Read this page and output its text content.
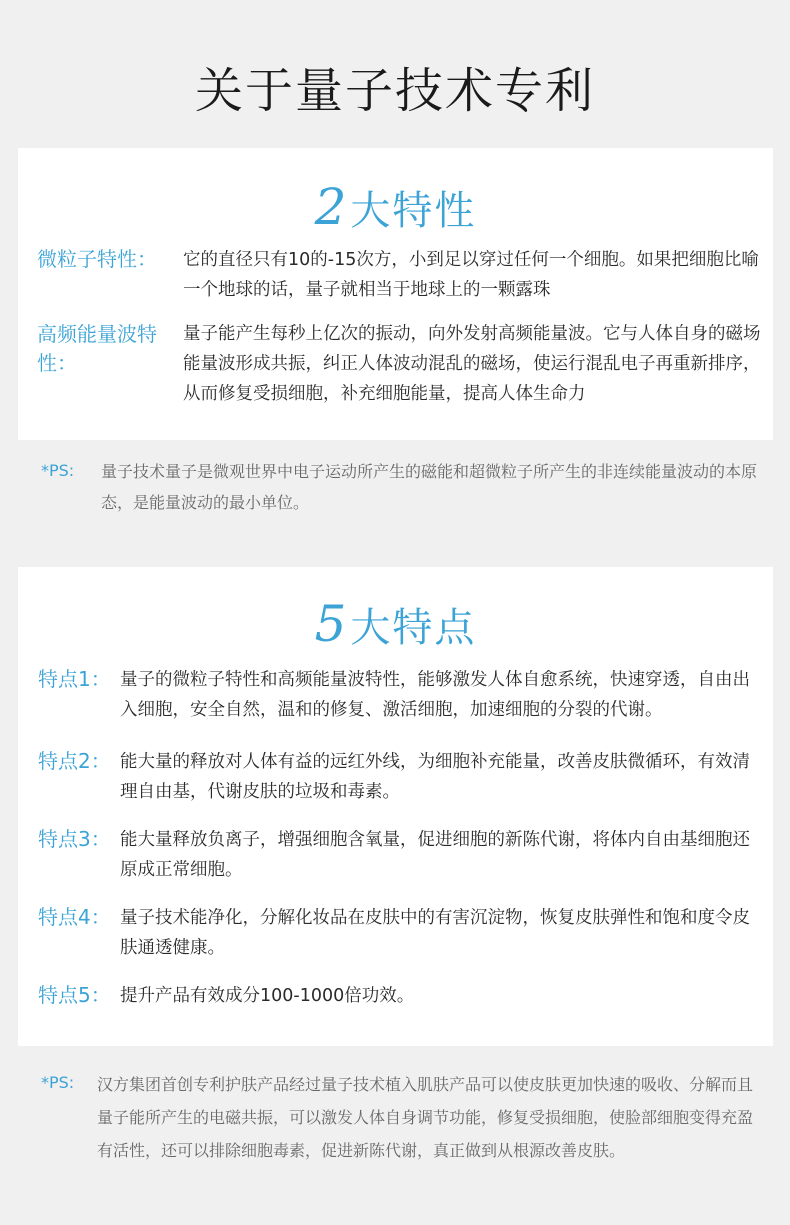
关于量子技术专利
2大特性
微粒子特性：	它的直径只有10的-15次方，小到足以穿过任何一个细胞。如果把细胞比喻一个地球的话，量子就相当于地球上的一颗露珠
高频能量波特性：
量子能产生每秒上亿次的振动，向外发射高频能量波。它与人体自身的磁场能量波形成共振，纠正人体波动混乱的磁场，使运行混乱电子再重新排序，从而修复受损细胞，补充细胞能量，提高人体生命力
*PS: 量子技术量子是微观世界中电子运动所产生的磁能和超微粒子所产生的非连续能量波动的本原态，是能量波动的最小单位。
5大特点
特点1： 量子的微粒子特性和高频能量波特性，能够激发人体自愈系统，快速穿透，自由出入细胞，安全自然，温和的修复、激活细胞，加速细胞的分裂的代谢。
特点2： 能大量的释放对人体有益的远红外线，为细胞补充能量，改善皮肤微循环，有效清理自由基，代谢皮肤的垃圾和毒素。
特点3： 能大量释放负离子，增强细胞含氧量，促进细胞的新陈代谢，将体内自由基细胞还原成正常细胞。
特点4： 量子技术能净化，分解化妆品在皮肤中的有害沉淀物，恢复皮肤弹性和饱和度令皮肤通透健康。
特点5： 提升产品有效成分100-1000倍功效。
*PS: 汉方集团首创专利护肤产品经过量子技术植入肌肤产品可以使皮肤更加快速的吸收、分解而且量子能所产生的电磁共振，可以激发人体自身调节功能，修复受损细胞，使脸部细胞变得充盈有活性，还可以排除细胞毒素，促进新陈代谢，真正做到从根源改善皮肤。
